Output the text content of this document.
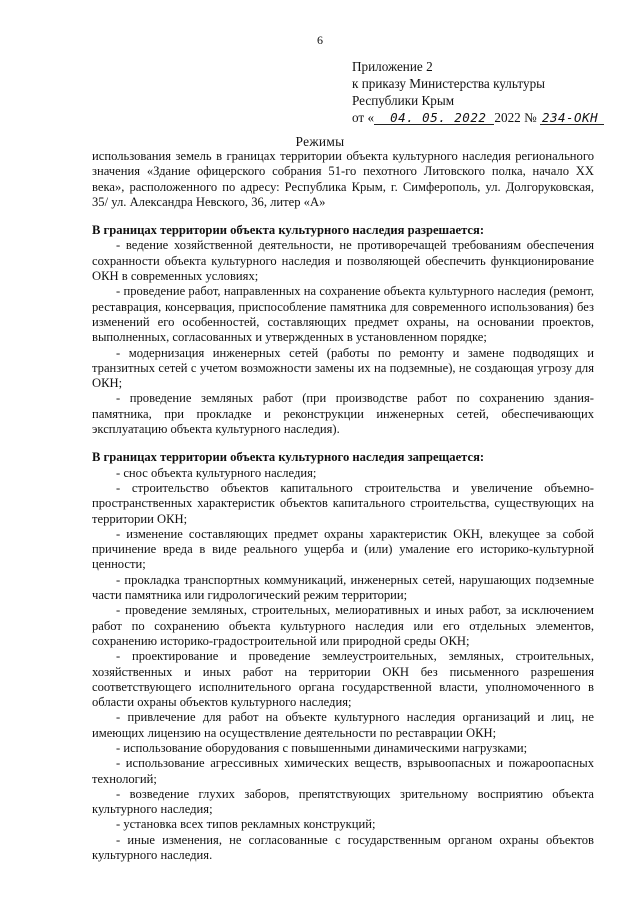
6
Приложение 2
к приказу Министерства культуры
Республики Крым
от « 04. 05. 2022 2022 № 234-ОКН
Режимы

использования земель в границах территории объекта культурного наследия регионального значения «Здание офицерского собрания 51-го пехотного Литовского полка, начало XX века», расположенного по адресу: Республика Крым, г. Симферополь, ул. Долгоруковская, 35/ ул. Александра Невского, 36, литер «А»

В границах территории объекта культурного наследия разрешается:

- ведение хозяйственной деятельности, не противоречащей требованиям обеспечения сохранности объекта культурного наследия и позволяющей обеспечить функционирование ОКН в современных условиях;

- проведение работ, направленных на сохранение объекта культурного наследия (ремонт, реставрация, консервация, приспособление памятника для современного использования) без изменений его особенностей, составляющих предмет охраны, на основании проектов, выполненных, согласованных и утвержденных в установленном порядке;

- модернизация инженерных сетей (работы по ремонту и замене подводящих и транзитных сетей с учетом возможности замены их на подземные), не создающая угрозу для ОКН;

- проведение земляных работ (при производстве работ по сохранению здания-памятника, при прокладке и реконструкции инженерных сетей, обеспечивающих эксплуатацию объекта культурного наследия).

В границах территории объекта культурного наследия запрещается:

- снос объекта культурного наследия;

- строительство объектов капитального строительства и увеличение объемно-пространственных характеристик объектов капитального строительства, существующих на территории ОКН;

- изменение составляющих предмет охраны характеристик ОКН, влекущее за собой причинение вреда в виде реального ущерба и (или) умаление его историко-культурной ценности;

- прокладка транспортных коммуникаций, инженерных сетей, нарушающих подземные части памятника или гидрологический режим территории;

- проведение земляных, строительных, мелиоративных и иных работ, за исключением работ по сохранению объекта культурного наследия или его отдельных элементов, сохранению историко-градостроительной или природной среды ОКН;

- проектирование и проведение землеустроительных, земляных, строительных, хозяйственных и иных работ на территории ОКН без письменного разрешения соответствующего исполнительного органа государственной власти, уполномоченного в области охраны объектов культурного наследия;

- привлечение для работ на объекте культурного наследия организаций и лиц, не имеющих лицензию на осуществление деятельности по реставрации ОКН;

- использование оборудования с повышенными динамическими нагрузками;

- использование агрессивных химических веществ, взрывоопасных и пожароопасных технологий;

- возведение глухих заборов, препятствующих зрительному восприятию объекта культурного наследия;

- установка всех типов рекламных конструкций;

- иные изменения, не согласованные с государственным органом охраны объектов культурного наследия.
